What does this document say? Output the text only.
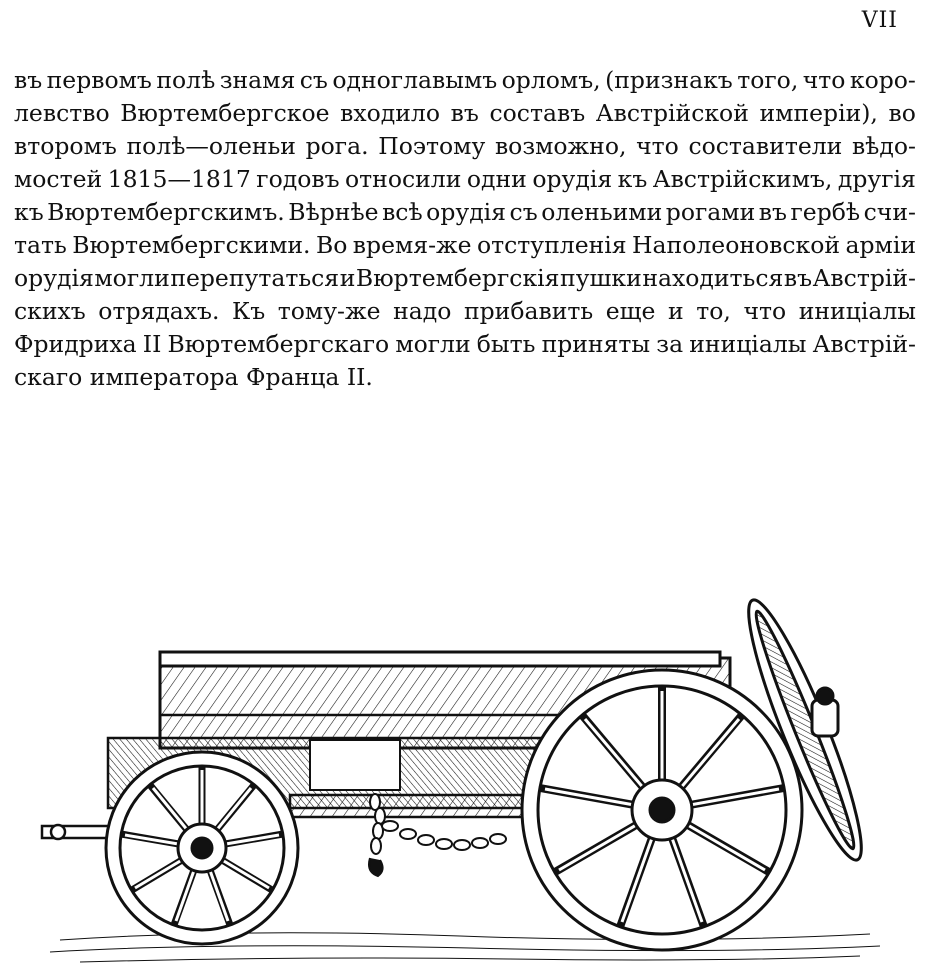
VII
въ первомъ полѣ знамя съ одноглавымъ орломъ, (признакъ того, что коро-
левство Вюртембергское входило въ составъ Австрійской имперіи), во
второмъ полѣ—оленьи рога. Поэтому возможно, что составители вѣдо-
мостей 1815—1817 годовъ относили одни орудія къ Австрійскимъ, другія
къ Вюртембергскимъ. Вѣрнѣе всѣ орудія съ оленьими рогами въ гербѣ счи-
тать Вюртембергскими. Во время-же отступленія Наполеоновской арміи
орудія могли перепутаться и Вюртембергскія пушки находиться въ Австрій-
скихъ отрядахъ. Къ тому-же надо прибавить еще и то, что иниціалы
Фридриха II Вюртембергскаго могли быть приняты за иниціалы Австрій-
скаго императора Франца II.
